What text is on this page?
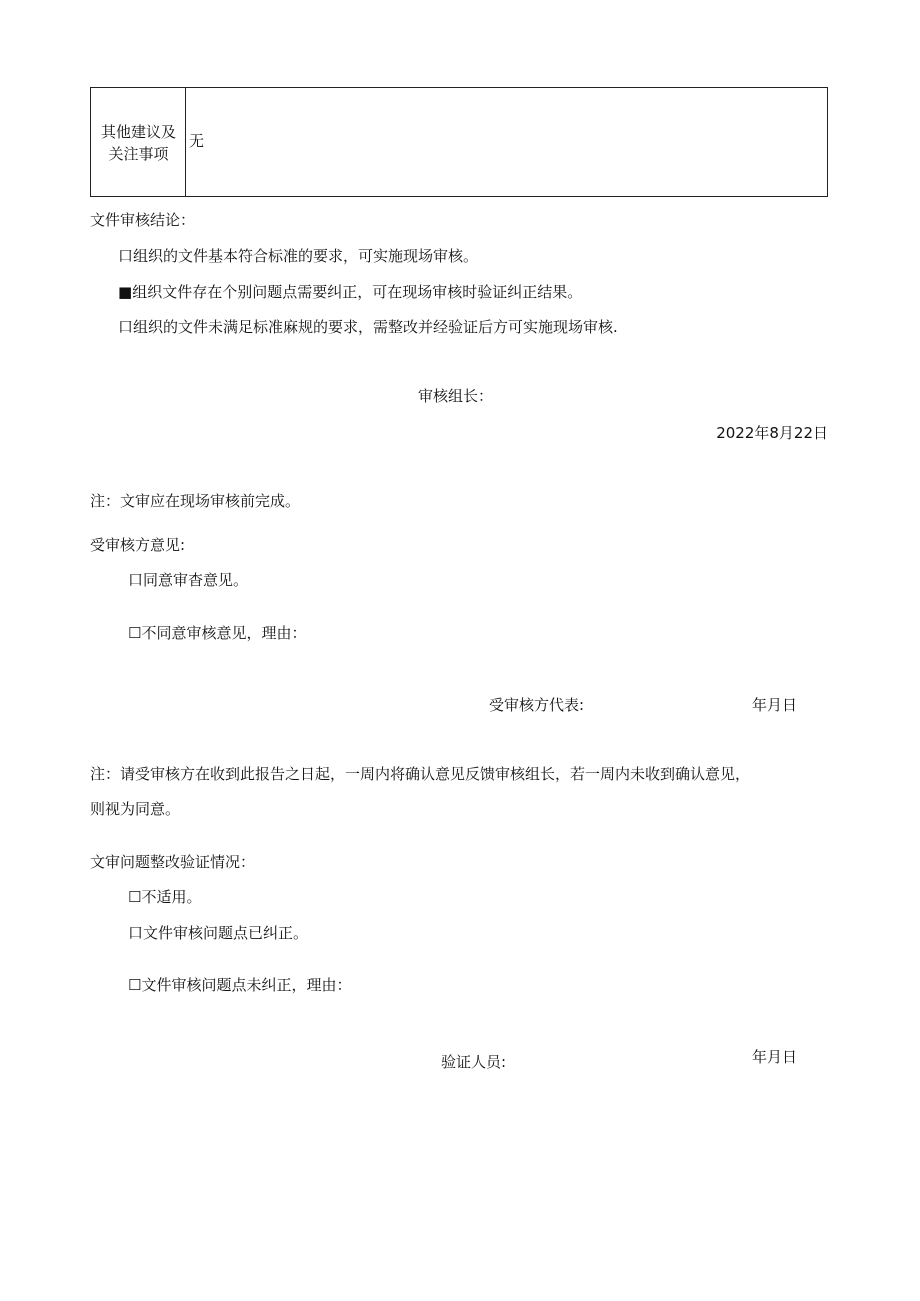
其他建议及
关注事项
无
文件审核结论：
口组织的文件基本符合标准的要求，可实施现场审核。
■组织文件存在个别问题点需要纠正，可在现场审核时验证纠正结果。
口组织的文件未满足标准麻规的要求，需整改并经验证后方可实施现场审核.
审核组长：
2022年8月22日
注：文审应在现场审核前完成。
受审核方意见:
口同意审杳意见。
☐不同意审核意见，理由：
受审核方代表:	年月日
注：请受审核方在收到此报告之日起，一周内将确认意见反馈审核组长，若一周内未收到确认意见，
则视为同意。
文审问题整改验证情况：
☐不适用。
口文件审核问题点已纠正。
☐文件审核问题点未纠正，理由：
验证人员:	年月日
